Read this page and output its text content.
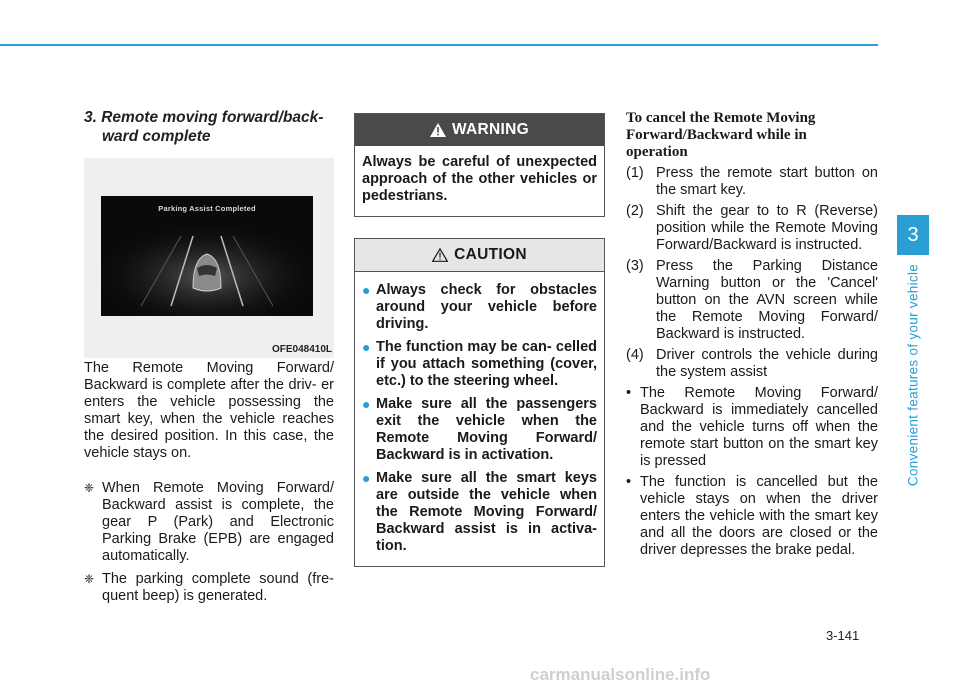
3. Remote moving forward/back-
ward complete
Parking Assist Completed
OFE048410L
The Remote Moving Forward/ Backward is complete after the driv- er enters the vehicle possessing the smart key, when the vehicle reaches the desired position. In this case, the vehicle stays on.
❈ When Remote Moving Forward/ Backward assist is complete, the gear P (Park) and Electronic Parking Brake (EPB) are engaged automatically.
❈ The parking complete sound (fre- quent beep) is generated.
WARNING
Always be careful of unexpected approach of the other vehicles or pedestrians.
CAUTION
● Always check for obstacles around your vehicle before driving.
● The function may be can- celled if you attach something (cover, etc.) to the steering wheel.
● Make sure all the passengers exit the vehicle when the Remote Moving Forward/ Backward is in activation.
● Make sure all the smart keys are outside the vehicle when the Remote Moving Forward/ Backward assist is in activa- tion.
To cancel the Remote Moving
Forward/Backward while in
operation
(1) Press the remote start button on the smart key.
(2) Shift the gear to to R (Reverse) position while the Remote Moving Forward/Backward is instructed.
(3) Press the Parking Distance Warning button or the 'Cancel' button on the AVN screen while the Remote Moving Forward/ Backward is instructed.
(4) Driver controls the vehicle during the system assist
• The Remote Moving Forward/ Backward is immediately cancelled and the vehicle turns off when the remote start button on the smart key is pressed
• The function is cancelled but the vehicle stays on when the driver enters the vehicle with the smart key and all the doors are closed or the driver depresses the brake pedal.
3
Convenient features of your vehicle
3-141
carmanualsonline.info
